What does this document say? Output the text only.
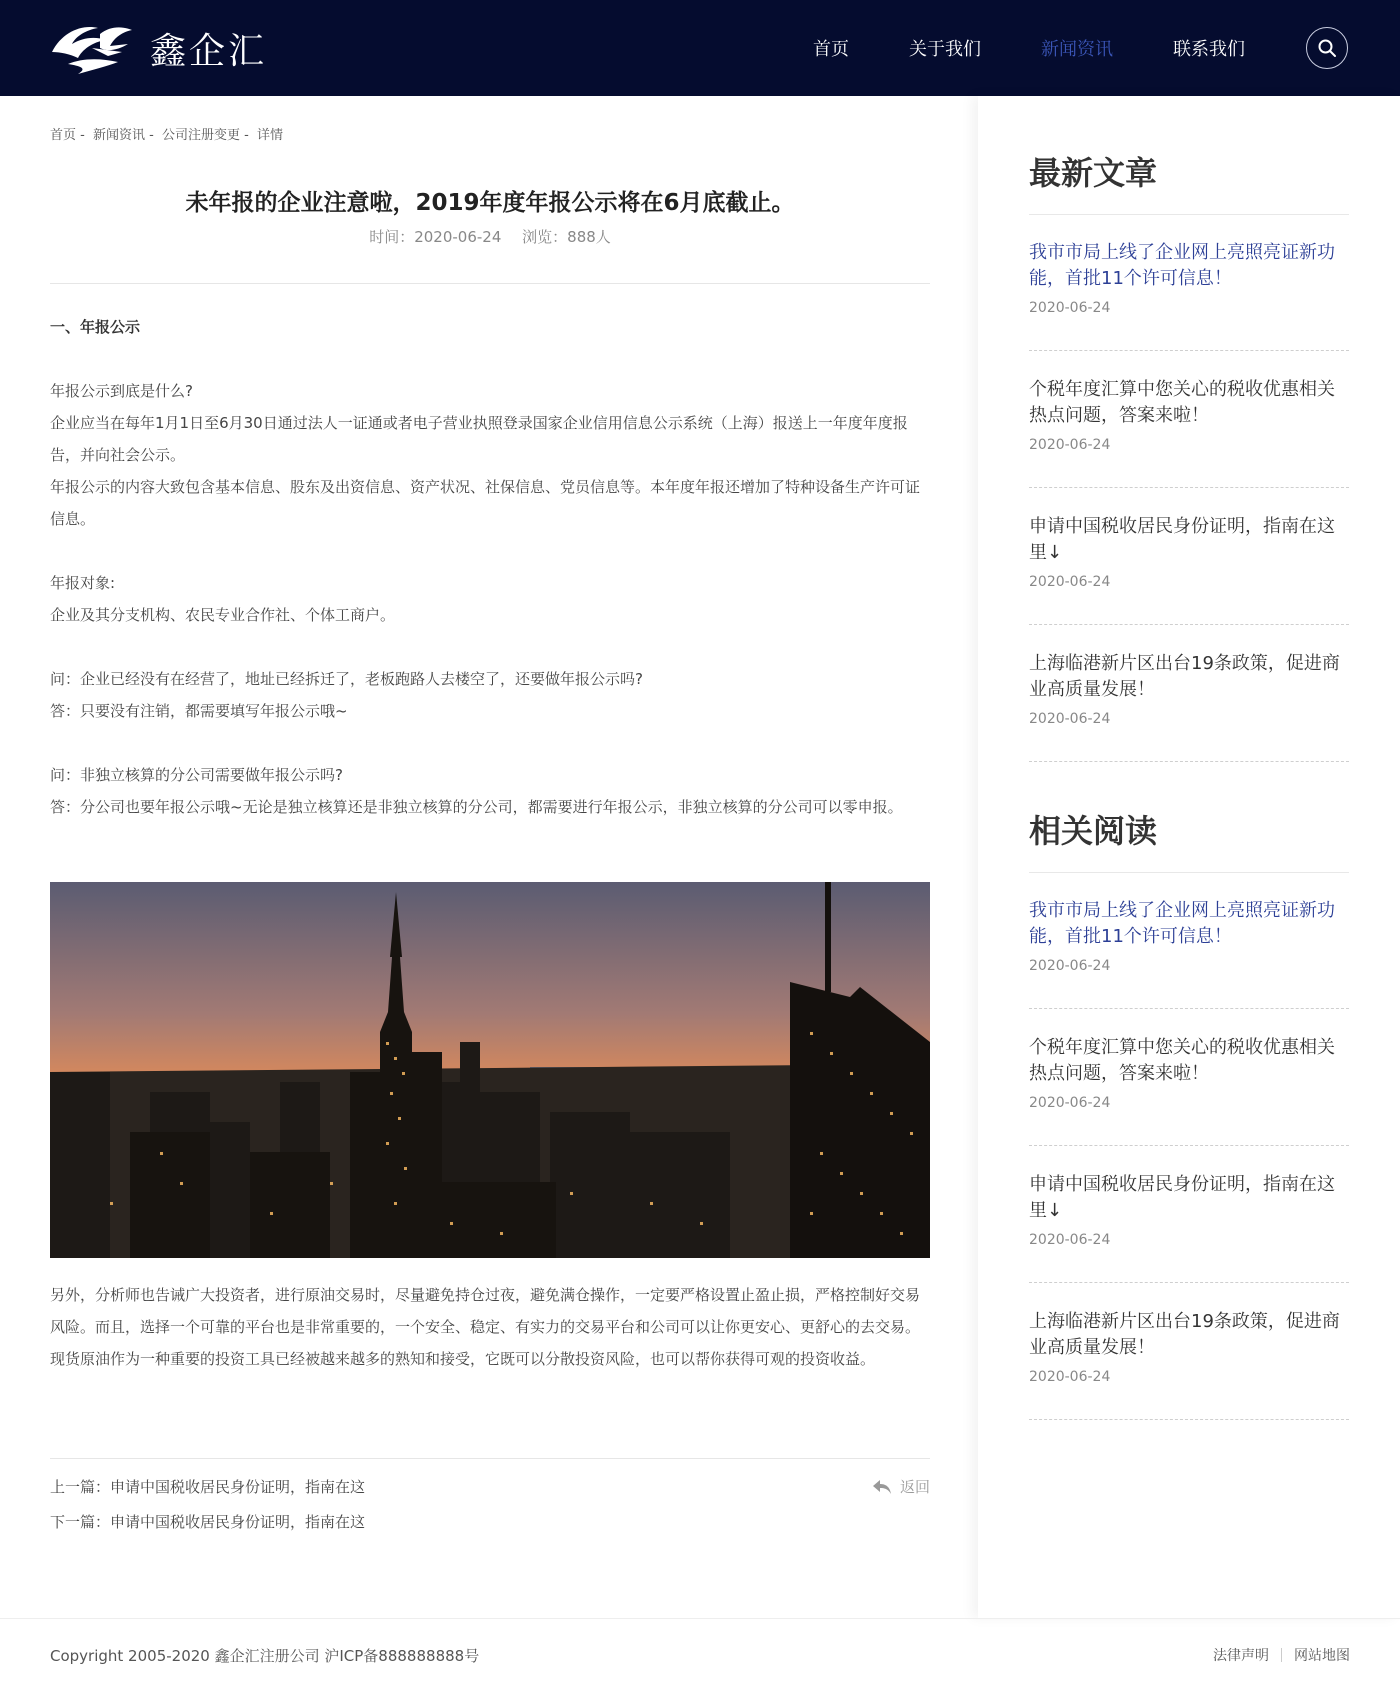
鑫企汇	首页	关于我们	新闻资讯	联系我们
首页 - 新闻资讯 - 公司注册变更 - 详情
未年报的企业注意啦，2019年度年报公示将在6月底截止。
时间：2020-06-24 浏览：888人

一、年报公示

年报公示到底是什么?

企业应当在每年1月1日至6月30日通过法人一证通或者电子营业执照登录国家企业信用信息公示系统（上海）报送上一年度年度报告，并向社会公示。

年报公示的内容大致包含基本信息、股东及出资信息、资产状况、社保信息、党员信息等。本年度年报还增加了特种设备生产许可证信息。

年报对象:

企业及其分支机构、农民专业合作社、个体工商户。

问：企业已经没有在经营了，地址已经拆迁了，老板跑路人去楼空了，还要做年报公示吗?

答：只要没有注销，都需要填写年报公示哦~

问：非独立核算的分公司需要做年报公示吗?

答：分公司也要年报公示哦~无论是独立核算还是非独立核算的分公司，都需要进行年报公示，非独立核算的分公司可以零申报。

另外，分析师也告诫广大投资者，进行原油交易时，尽量避免持仓过夜，避免满仓操作，一定要严格设置止盈止损，严格控制好交易风险。而且，选择一个可靠的平台也是非常重要的，一个安全、稳定、有实力的交易平台和公司可以让你更安心、更舒心的去交易。现货原油作为一种重要的投资工具已经被越来越多的熟知和接受，它既可以分散投资风险，也可以帮你获得可观的投资收益。
上一篇：申请中国税收居民身份证明，指南在这
下一篇：申请中国税收居民身份证明，指南在这
返回
最新文章
我市市局上线了企业网上亮照亮证新功能，首批11个许可信息！
2020-06-24
个税年度汇算中您关心的税收优惠相关热点问题，答案来啦！
2020-06-24
申请中国税收居民身份证明，指南在这里↓
2020-06-24
上海临港新片区出台19条政策，促进商业高质量发展！
2020-06-24
相关阅读
我市市局上线了企业网上亮照亮证新功能，首批11个许可信息！
2020-06-24
个税年度汇算中您关心的税收优惠相关热点问题，答案来啦！
2020-06-24
申请中国税收居民身份证明，指南在这里↓
2020-06-24
上海临港新片区出台19条政策，促进商业高质量发展！
2020-06-24
Copyright 2005-2020 鑫企汇注册公司 沪ICP备888888888号	法律声明 网站地图
